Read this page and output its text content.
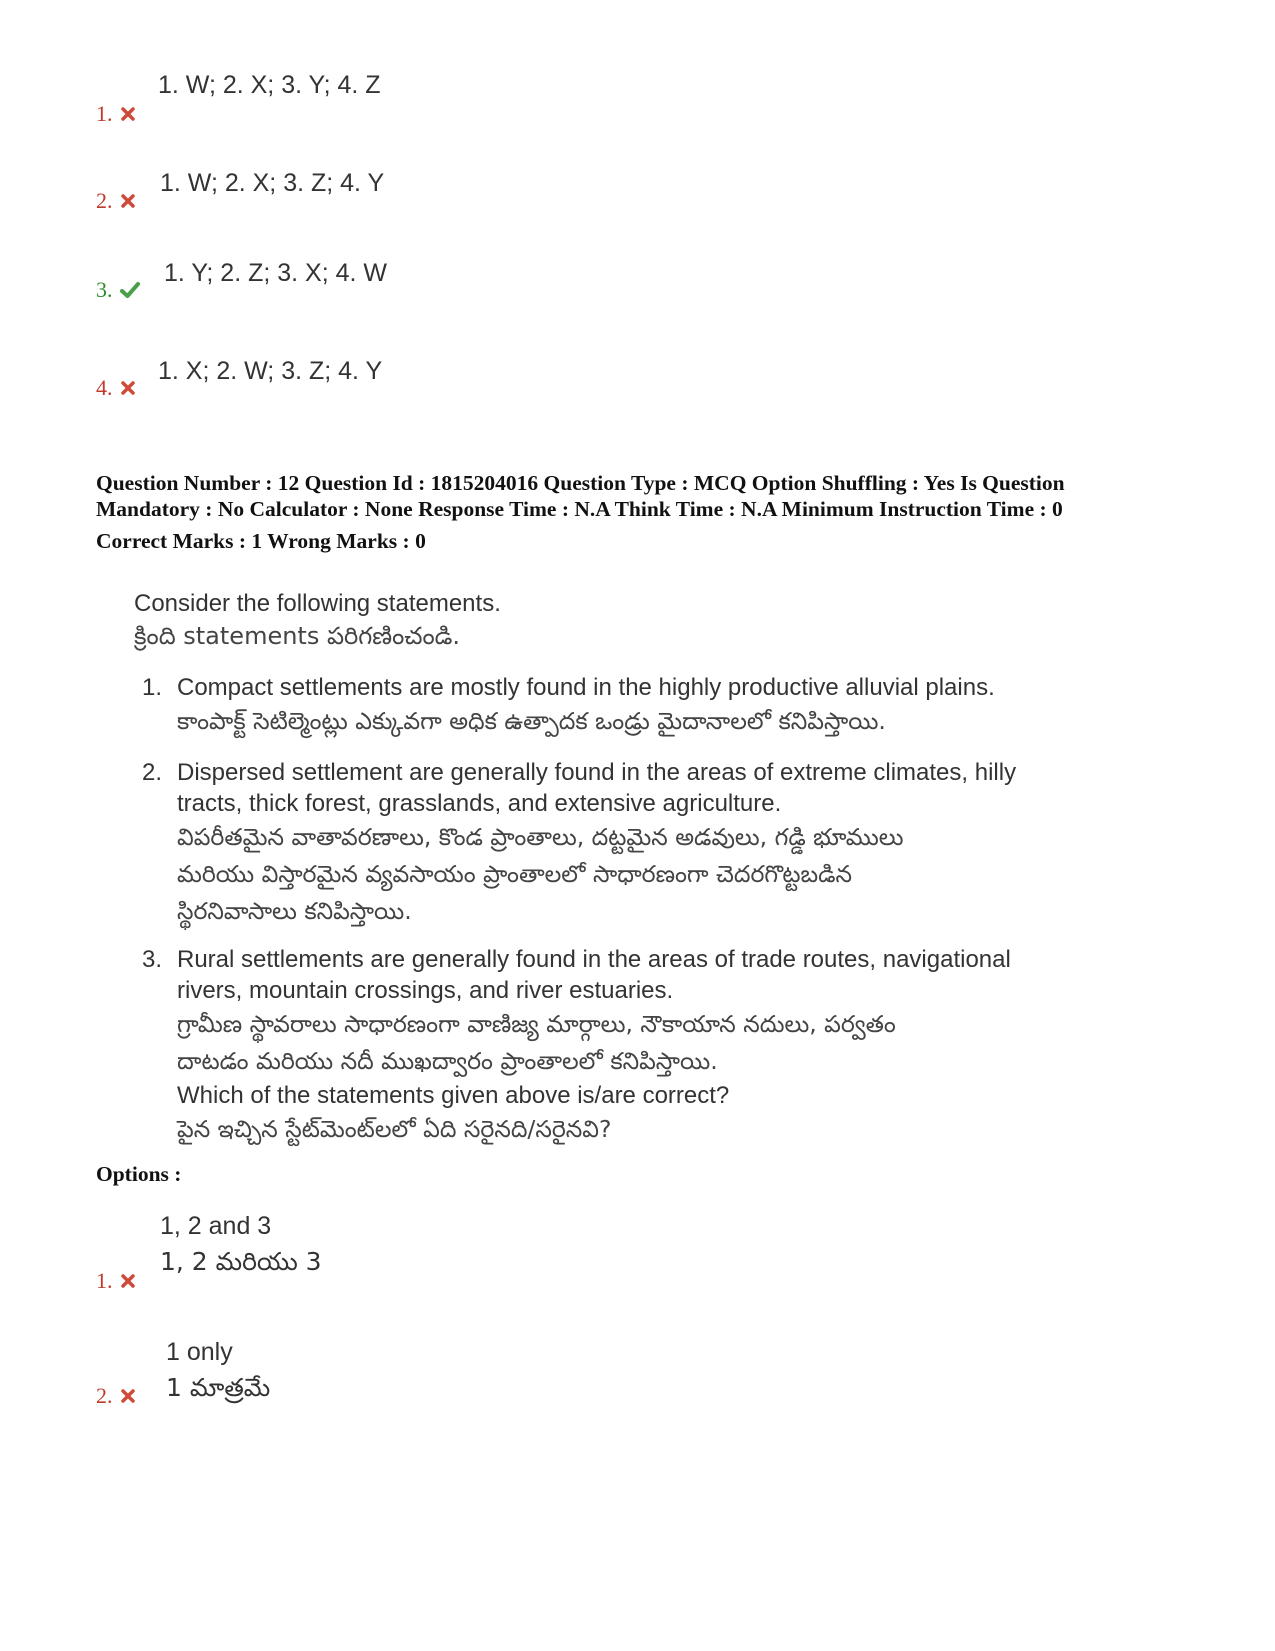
1. W; 2. X; 3. Y; 4. Z
1.
1. W; 2. X; 3. Z; 4. Y
2.
1. Y; 2. Z; 3. X; 4. W
3.
1. X; 2. W; 3. Z; 4. Y
4.
Question Number : 12 Question Id : 1815204016 Question Type : MCQ Option Shuffling : Yes Is Question
Mandatory : No Calculator : None Response Time : N.A Think Time : N.A Minimum Instruction Time : 0
Correct Marks : 1 Wrong Marks : 0
Consider the following statements.
క్రింది statements పరిగణించండి.
1. Compact settlements are mostly found in the highly productive alluvial plains.
కాంపాక్ట్ సెటిల్మెంట్లు ఎక్కువగా అధిక ఉత్పాదక ఒండ్రు మైదానాలలో కనిపిస్తాయి.
2. Dispersed settlement are generally found in the areas of extreme climates, hilly
tracts, thick forest, grasslands, and extensive agriculture.
విపరీతమైన వాతావరణాలు, కొండ ప్రాంతాలు, దట్టమైన అడవులు, గడ్డి భూములు
మరియు విస్తారమైన వ్యవసాయం ప్రాంతాలలో సాధారణంగా చెదరగొట్టబడిన
స్థిరనివాసాలు కనిపిస్తాయి.
3. Rural settlements are generally found in the areas of trade routes, navigational
rivers, mountain crossings, and river estuaries.
గ్రామీణ స్థావరాలు సాధారణంగా వాణిజ్య మార్గాలు, నౌకాయాన నదులు, పర్వతం
దాటడం మరియు నదీ ముఖద్వారం ప్రాంతాలలో కనిపిస్తాయి.
Which of the statements given above is/are correct?
పైన ఇచ్చిన స్టేట్‌మెంట్‌లలో ఏది సరైనది/సరైనవి?
Options :
1, 2 and 3
1, 2 మరియు 3
1.
1 only
1 మాత్రమే
2.
